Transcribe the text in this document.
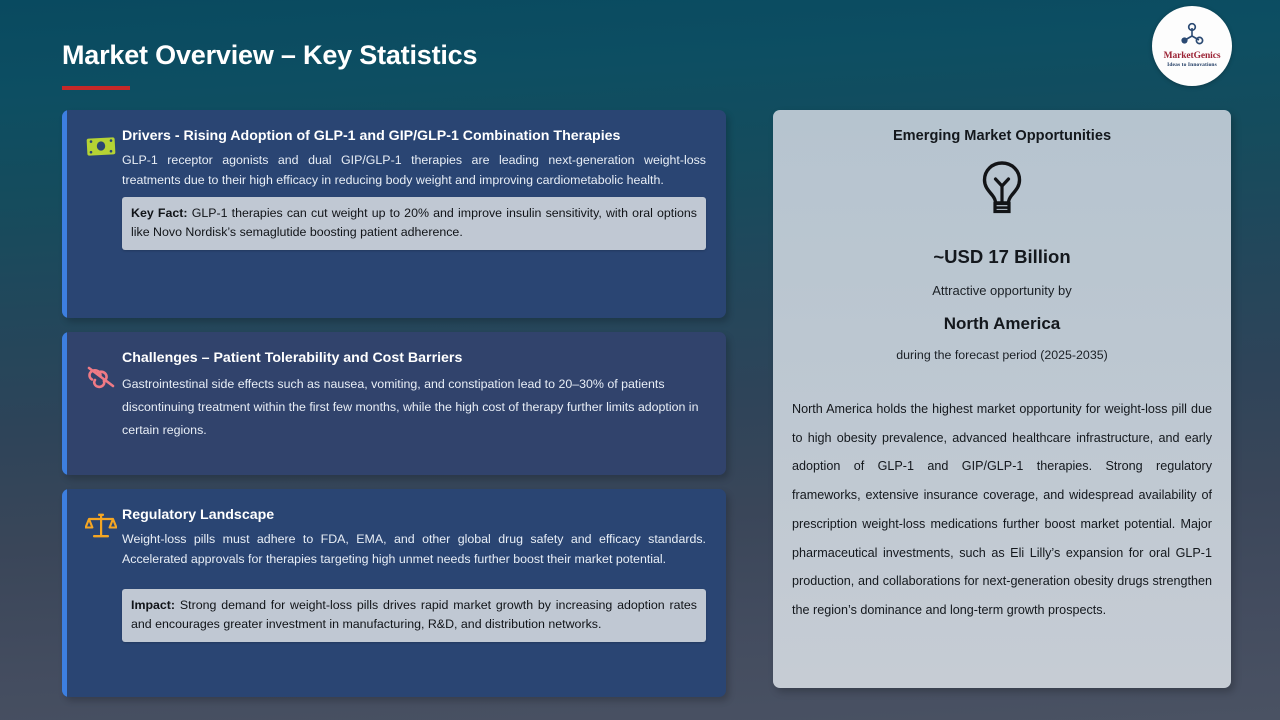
Market Overview – Key Statistics	MarketGenics
Ideas to Innovations
Drivers - Rising Adoption of GLP-1 and GIP/GLP-1 Combination Therapies
GLP-1 receptor agonists and dual GIP/GLP-1 therapies are leading next-generation weight-loss treatments due to their high efficacy in reducing body weight and improving cardiometabolic health.
Key Fact: GLP-1 therapies can cut weight up to 20% and improve insulin sensitivity, with oral options like Novo Nordisk’s semaglutide boosting patient adherence.
Challenges – Patient Tolerability and Cost Barriers
Gastrointestinal side effects such as nausea, vomiting, and constipation lead to 20–30% of patients discontinuing treatment within the first few months, while the high cost of therapy further limits adoption in certain regions.
Regulatory Landscape
Weight-loss pills must adhere to FDA, EMA, and other global drug safety and efficacy standards. Accelerated approvals for therapies targeting high unmet needs further boost their market potential.
Impact: Strong demand for weight-loss pills drives rapid market growth by increasing adoption rates and encourages greater investment in manufacturing, R&D, and distribution networks.
Emerging Market Opportunities
~USD 17 Billion
Attractive opportunity by
North America
during the forecast period (2025-2035)
North America holds the highest market opportunity for weight-loss pill due to high obesity prevalence, advanced healthcare infrastructure, and early adoption of GLP-1 and GIP/GLP-1 therapies. Strong regulatory frameworks, extensive insurance coverage, and widespread availability of prescription weight-loss medications further boost market potential. Major pharmaceutical investments, such as Eli Lilly’s expansion for oral GLP-1 production, and collaborations for next-generation obesity drugs strengthen the region’s dominance and long-term growth prospects.
